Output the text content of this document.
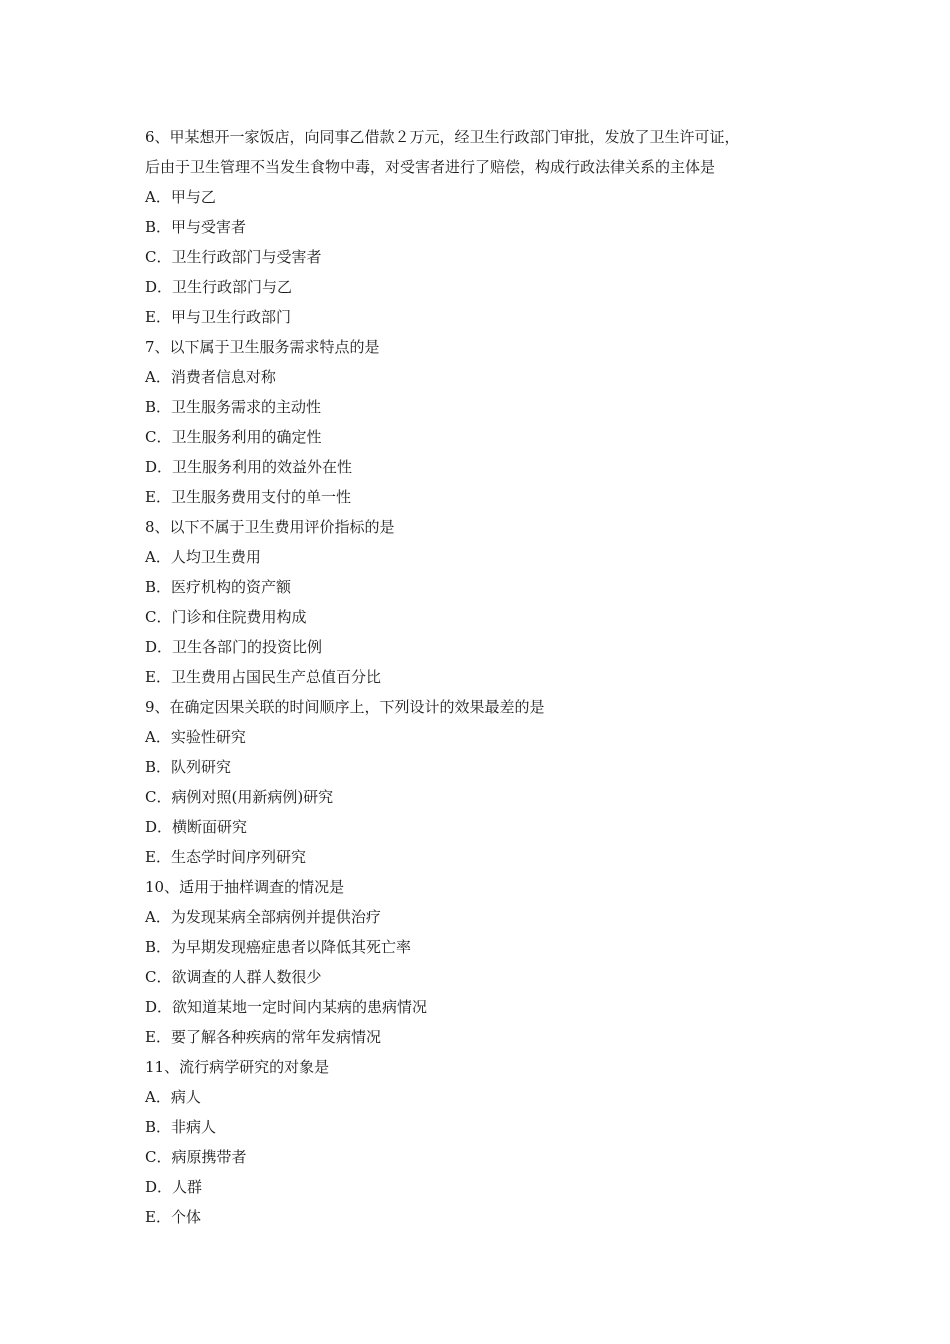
6、甲某想开一家饭店，向同事乙借款２万元，经卫生行政部门审批，发放了卫生许可证，
后由于卫生管理不当发生食物中毒，对受害者进行了赔偿，构成行政法律关系的主体是
A．甲与乙
B．甲与受害者
C．卫生行政部门与受害者
D．卫生行政部门与乙
E．甲与卫生行政部门
7、以下属于卫生服务需求特点的是
A．消费者信息对称
B．卫生服务需求的主动性
C．卫生服务利用的确定性
D．卫生服务利用的效益外在性
E．卫生服务费用支付的单一性
8、以下不属于卫生费用评价指标的是
A．人均卫生费用
B．医疗机构的资产额
C．门诊和住院费用构成
D．卫生各部门的投资比例
E．卫生费用占国民生产总值百分比
9、在确定因果关联的时间顺序上，下列设计的效果最差的是
A．实验性研究
B．队列研究
C．病例对照(用新病例)研究
D．横断面研究
E．生态学时间序列研究
10、适用于抽样调查的情况是
A．为发现某病全部病例并提供治疗
B．为早期发现癌症患者以降低其死亡率
C．欲调查的人群人数很少
D．欲知道某地一定时间内某病的患病情况
E．要了解各种疾病的常年发病情况
11、流行病学研究的对象是
A．病人
B．非病人
C．病原携带者
D．人群
E．个体
